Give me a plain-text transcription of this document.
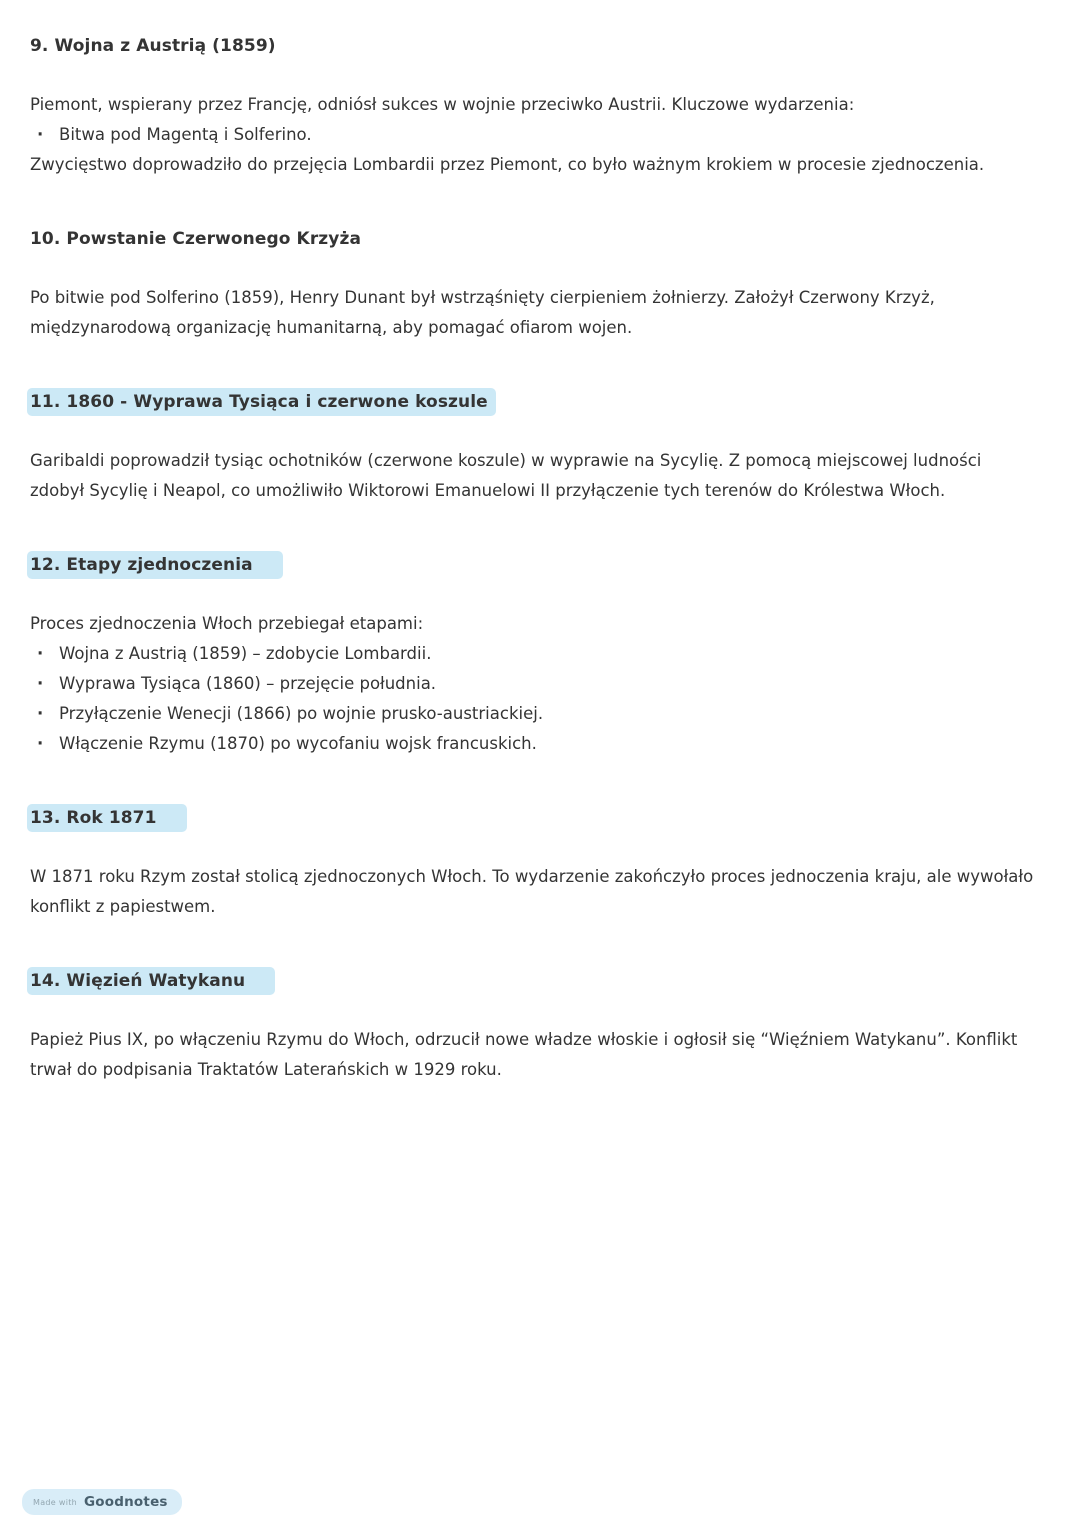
9. Wojna z Austrią (1859)

Piemont, wspierany przez Francję, odniósł sukces w wojnie przeciwko Austrii. Kluczowe wydarzenia:

· Bitwa pod Magentą i Solferino.

Zwycięstwo doprowadziło do przejęcia Lombardii przez Piemont, co było ważnym krokiem w procesie zjednoczenia.

10. Powstanie Czerwonego Krzyża

Po bitwie pod Solferino (1859), Henry Dunant był wstrząśnięty cierpieniem żołnierzy. Założył Czerwony Krzyż, międzynarodową organizację humanitarną, aby pomagać ofiarom wojen.

11. 1860 - Wyprawa Tysiąca i czerwone koszule

Garibaldi poprowadził tysiąc ochotników (czerwone koszule) w wyprawie na Sycylię. Z pomocą miejscowej ludności zdobył Sycylię i Neapol, co umożliwiło Wiktorowi Emanuelowi II przyłączenie tych terenów do Królestwa Włoch.

12. Etapy zjednoczenia

Proces zjednoczenia Włoch przebiegał etapami:

· Wojna z Austrią (1859) – zdobycie Lombardii.
· Wyprawa Tysiąca (1860) – przejęcie południa.
· Przyłączenie Wenecji (1866) po wojnie prusko-austriackiej.
· Włączenie Rzymu (1870) po wycofaniu wojsk francuskich.
13. Rok 1871

W 1871 roku Rzym został stolicą zjednoczonych Włoch. To wydarzenie zakończyło proces jednoczenia kraju, ale wywołało konflikt z papiestwem.

14. Więzień Watykanu

Papież Pius IX, po włączeniu Rzymu do Włoch, odrzucił nowe władze włoskie i ogłosił się “Więźniem Watykanu”. Konflikt trwał do podpisania Traktatów Laterańskich w 1929 roku.

Made with Goodnotes
